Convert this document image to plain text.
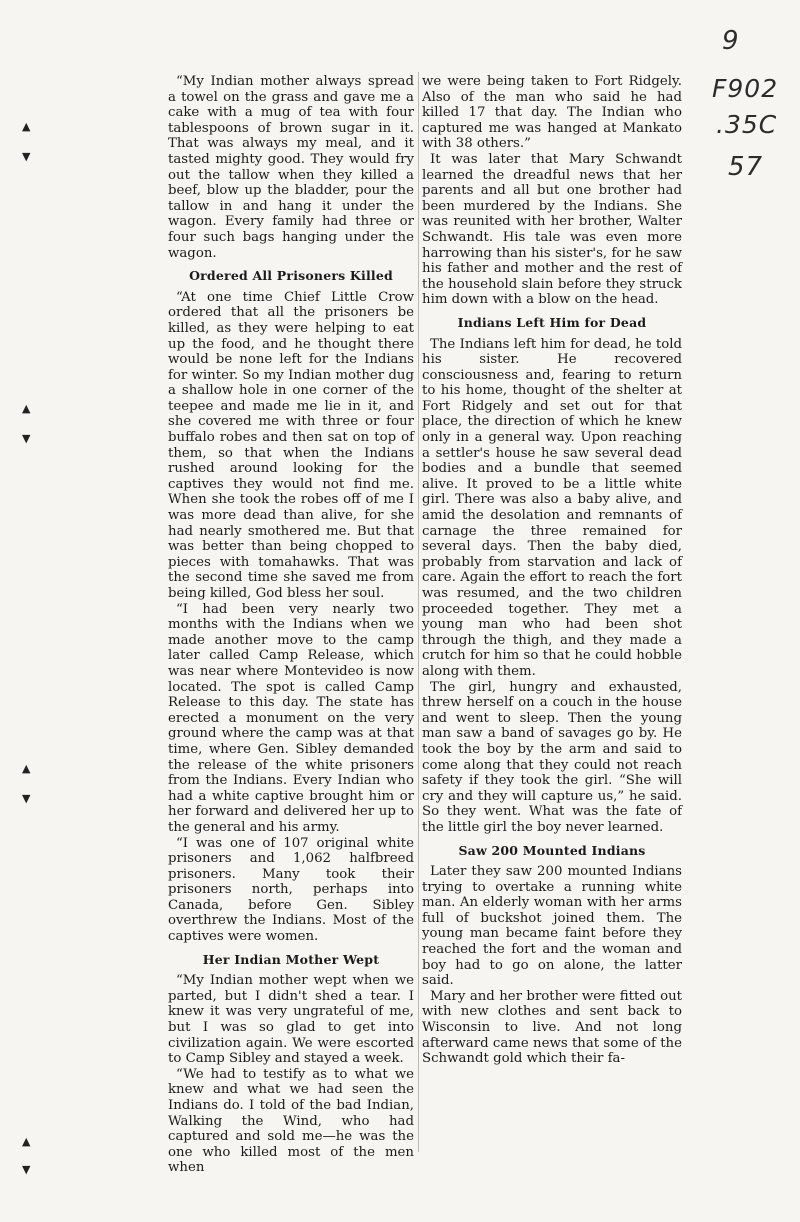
9
F902
.35C
57
▲
▼
▲
▼
▲
▼
▲
▼

“My Indian mother always spread a towel on the grass and gave me a cake with a mug of tea with four tablespoons of brown sugar in it. That was always my meal, and it tasted mighty good. They would fry out the tallow when they killed a beef, blow up the bladder, pour the tallow in and hang it under the wagon. Every family had three or four such bags hanging under the wagon.

Ordered All Prisoners Killed

“At one time Chief Little Crow ordered that all the prisoners be killed, as they were helping to eat up the food, and he thought there would be none left for the Indians for winter. So my Indian mother dug a shallow hole in one corner of the teepee and made me lie in it, and she covered me with three or four buffalo robes and then sat on top of them, so that when the Indians rushed around looking for the captives they would not find me. When she took the robes off of me I was more dead than alive, for she had nearly smothered me. But that was better than being chopped to pieces with tomahawks. That was the second time she saved me from being killed, God bless her soul.

“I had been very nearly two months with the Indians when we made another move to the camp later called Camp Release, which was near where Montevideo is now located. The spot is called Camp Release to this day. The state has erected a monument on the very ground where the camp was at that time, where Gen. Sibley demanded the release of the white prisoners from the Indians. Every Indian who had a white captive brought him or her forward and delivered her up to the general and his army.

“I was one of 107 original white prisoners and 1,062 halfbreed prisoners. Many took their prisoners north, perhaps into Canada, before Gen. Sibley overthrew the Indians. Most of the captives were women.

Her Indian Mother Wept

“My Indian mother wept when we parted, but I didn't shed a tear. I knew it was very ungrateful of me, but I was so glad to get into civilization again. We were escorted to Camp Sibley and stayed a week.

“We had to testify as to what we knew and what we had seen the Indians do. I told of the bad Indian, Walking the Wind, who had captured and sold me—he was the one who killed most of the men when

we were being taken to Fort Ridgely. Also of the man who said he had killed 17 that day. The Indian who captured me was hanged at Mankato with 38 others.”

It was later that Mary Schwandt learned the dreadful news that her parents and all but one brother had been murdered by the Indians. She was reunited with her brother, Walter Schwandt. His tale was even more harrowing than his sister's, for he saw his father and mother and the rest of the household slain before they struck him down with a blow on the head.

Indians Left Him for Dead

The Indians left him for dead, he told his sister. He recovered consciousness and, fearing to return to his home, thought of the shelter at Fort Ridgely and set out for that place, the direction of which he knew only in a general way. Upon reaching a settler's house he saw several dead bodies and a bundle that seemed alive. It proved to be a little white girl. There was also a baby alive, and amid the desolation and remnants of carnage the three remained for several days. Then the baby died, probably from starvation and lack of care. Again the effort to reach the fort was resumed, and the two children proceeded together. They met a young man who had been shot through the thigh, and they made a crutch for him so that he could hobble along with them.

The girl, hungry and exhausted, threw herself on a couch in the house and went to sleep. Then the young man saw a band of savages go by. He took the boy by the arm and said to come along that they could not reach safety if they took the girl. “She will cry and they will capture us,” he said. So they went. What was the fate of the little girl the boy never learned.

Saw 200 Mounted Indians

Later they saw 200 mounted Indians trying to overtake a running white man. An elderly woman with her arms full of buckshot joined them. The young man became faint before they reached the fort and the woman and boy had to go on alone, the latter said.

Mary and her brother were fitted out with new clothes and sent back to Wisconsin to live. And not long afterward came news that some of the Schwandt gold which their fa-
